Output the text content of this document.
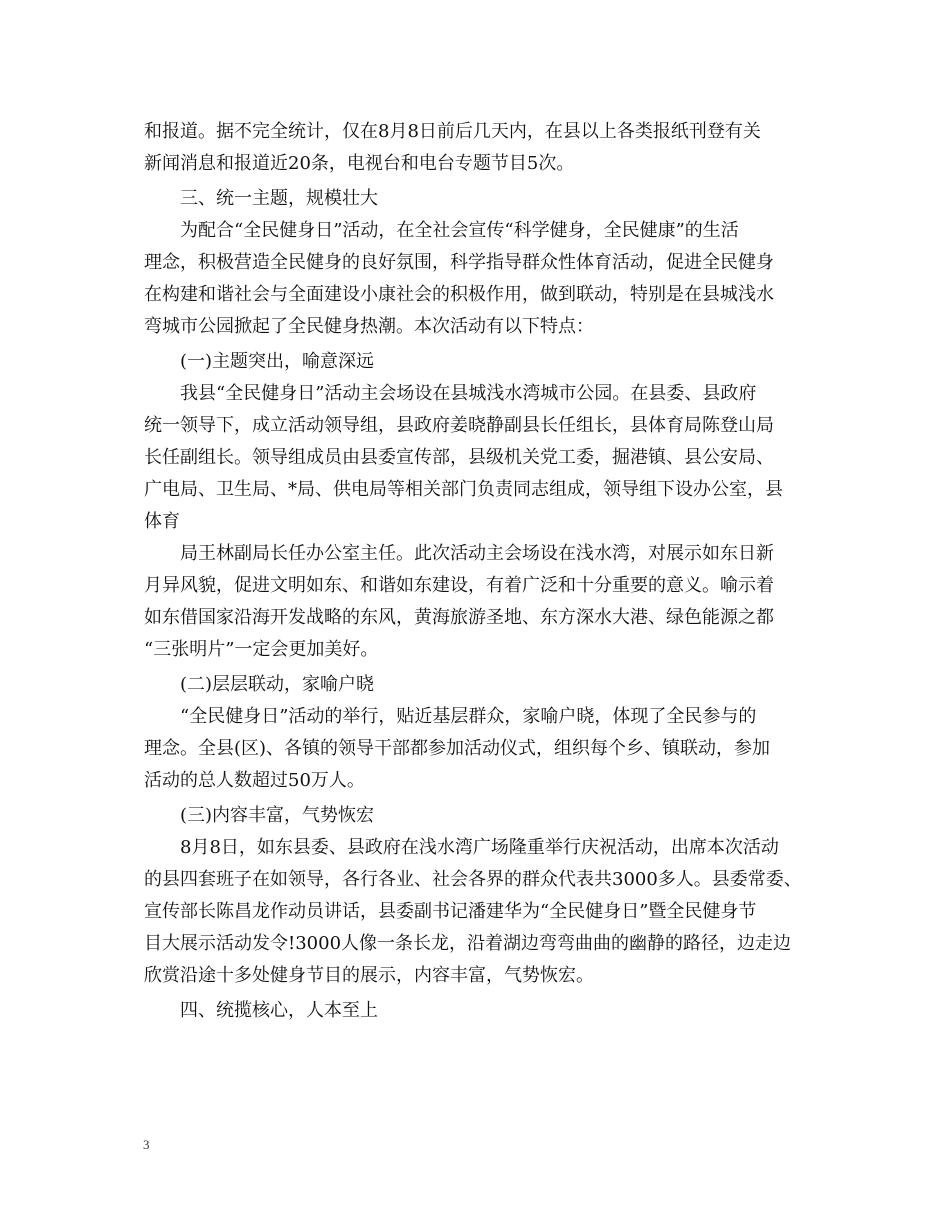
和报道。据不完全统计，仅在8月8日前后几天内，在县以上各类报纸刊登有关
新闻消息和报道近20条，电视台和电台专题节目5次。
三、统一主题，规模壮大
为配合“全民健身日”活动，在全社会宣传“科学健身，全民健康”的生活
理念，积极营造全民健身的良好氛围，科学指导群众性体育活动，促进全民健身
在构建和谐社会与全面建设小康社会的积极作用，做到联动，特别是在县城浅水
弯城市公园掀起了全民健身热潮。本次活动有以下特点：
(一)主题突出，喻意深远
我县“全民健身日”活动主会场设在县城浅水湾城市公园。在县委、县政府
统一领导下，成立活动领导组，县政府姜晓静副县长任组长，县体育局陈登山局
长任副组长。领导组成员由县委宣传部，县级机关党工委，掘港镇、县公安局、
广电局、卫生局、*局、供电局等相关部门负责同志组成，领导组下设办公室，县
体育
局王林副局长任办公室主任。此次活动主会场设在浅水湾，对展示如东日新
月异风貌，促进文明如东、和谐如东建设，有着广泛和十分重要的意义。喻示着
如东借国家沿海开发战略的东风，黄海旅游圣地、东方深水大港、绿色能源之都
“三张明片”一定会更加美好。
(二)层层联动，家喻户晓
“全民健身日”活动的举行，贴近基层群众，家喻户晓，体现了全民参与的
理念。全县(区)、各镇的领导干部都参加活动仪式，组织每个乡、镇联动，参加
活动的总人数超过50万人。
(三)内容丰富，气势恢宏
8月8日，如东县委、县政府在浅水湾广场隆重举行庆祝活动，出席本次活动
的县四套班子在如领导，各行各业、社会各界的群众代表共3000多人。县委常委、
宣传部长陈昌龙作动员讲话，县委副书记潘建华为“全民健身日”暨全民健身节
目大展示活动发令!3000人像一条长龙，沿着湖边弯弯曲曲的幽静的路径，边走边
欣赏沿途十多处健身节目的展示，内容丰富，气势恢宏。
四、统揽核心，人本至上
3
